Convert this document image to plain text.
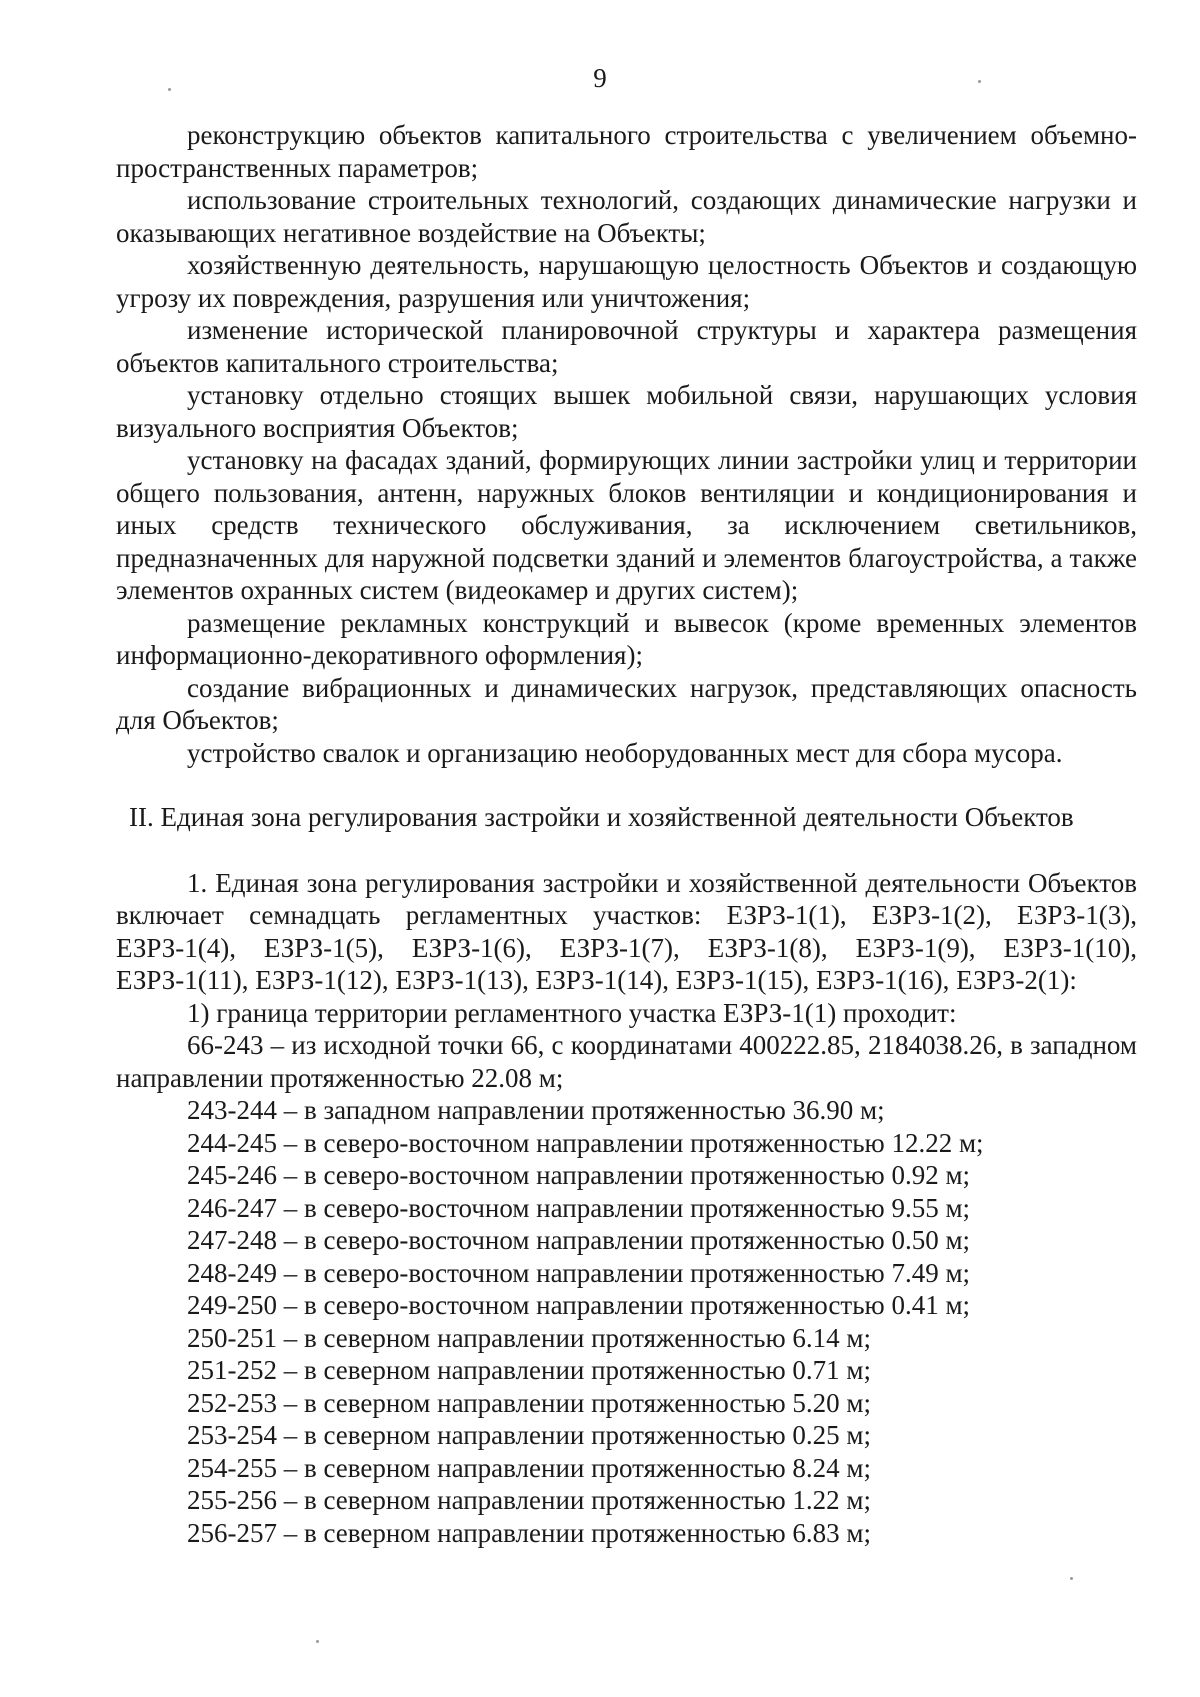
9

реконструкцию объектов капитального строительства с увеличением объемно-пространственных параметров;

использование строительных технологий, создающих динамические нагрузки и оказывающих негативное воздействие на Объекты;

хозяйственную деятельность, нарушающую целостность Объектов и создающую угрозу их повреждения, разрушения или уничтожения;

изменение исторической планировочной структуры и характера размещения объектов капитального строительства;

установку отдельно стоящих вышек мобильной связи, нарушающих условия визуального восприятия Объектов;

установку на фасадах зданий, формирующих линии застройки улиц и территории общего пользования, антенн, наружных блоков вентиляции и кондиционирования и иных средств технического обслуживания, за исключением светильников, предназначенных для наружной подсветки зданий и элементов благоустройства, а также элементов охранных систем (видеокамер и других систем);

размещение рекламных конструкций и вывесок (кроме временных элементов информационно-декоративного оформления);

создание вибрационных и динамических нагрузок, представляющих опасность для Объектов;

устройство свалок и организацию необорудованных мест для сбора мусора.

II. Единая зона регулирования застройки и хозяйственной деятельности Объектов

1. Единая зона регулирования застройки и хозяйственной деятельности Объектов включает семнадцать регламентных участков: ЕЗРЗ-1(1), ЕЗРЗ-1(2), ЕЗРЗ-1(3), ЕЗРЗ-1(4), ЕЗРЗ-1(5), ЕЗРЗ-1(6), ЕЗРЗ-1(7), ЕЗРЗ-1(8), ЕЗРЗ-1(9), ЕЗРЗ-1(10), ЕЗРЗ-1(11), ЕЗРЗ-1(12), ЕЗРЗ-1(13), ЕЗРЗ-1(14), ЕЗРЗ-1(15), ЕЗРЗ-1(16), ЕЗРЗ-2(1):

1) граница территории регламентного участка ЕЗРЗ-1(1) проходит:

66-243 – из исходной точки 66, с координатами 400222.85, 2184038.26, в западном направлении протяженностью 22.08 м;

243-244 – в западном направлении протяженностью 36.90 м;

244-245 – в северо-восточном направлении протяженностью 12.22 м;

245-246 – в северо-восточном направлении протяженностью 0.92 м;

246-247 – в северо-восточном направлении протяженностью 9.55 м;

247-248 – в северо-восточном направлении протяженностью 0.50 м;

248-249 – в северо-восточном направлении протяженностью 7.49 м;

249-250 – в северо-восточном направлении протяженностью 0.41 м;

250-251 – в северном направлении протяженностью 6.14 м;

251-252 – в северном направлении протяженностью 0.71 м;

252-253 – в северном направлении протяженностью 5.20 м;

253-254 – в северном направлении протяженностью 0.25 м;

254-255 – в северном направлении протяженностью 8.24 м;

255-256 – в северном направлении протяженностью 1.22 м;

256-257 – в северном направлении протяженностью 6.83 м;
